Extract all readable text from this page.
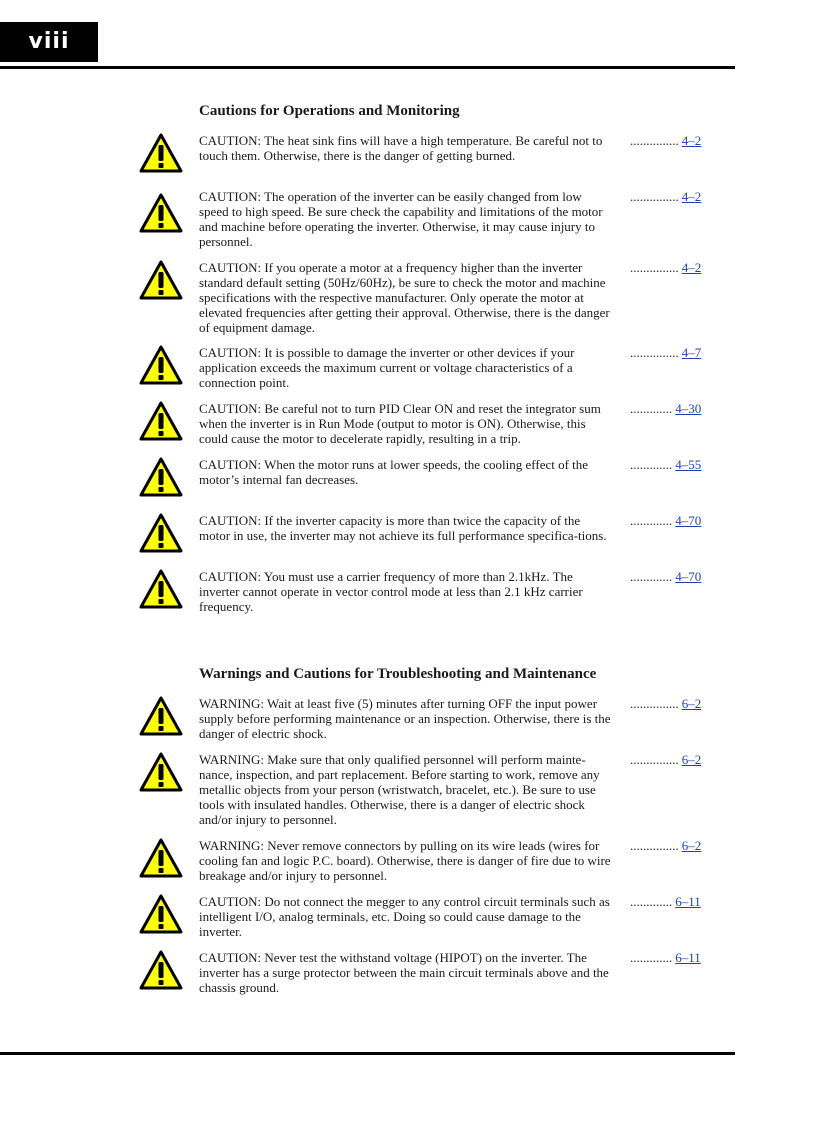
viii
Cautions for Operations and Monitoring

CAUTION: The heat sink fins will have a high temperature. Be careful not to touch them. Otherwise, there is the danger of getting burned.

............... 4–2

CAUTION: The operation of the inverter can be easily changed from low speed to high speed. Be sure check the capability and limitations of the motor and machine before operating the inverter. Otherwise, it may cause injury to personnel.

............... 4–2

CAUTION: If you operate a motor at a frequency higher than the inverter standard default setting (50Hz/60Hz), be sure to check the motor and machine specifications with the respective manufacturer. Only operate the motor at elevated frequencies after getting their approval. Otherwise, there is the danger of equipment damage.

............... 4–2

CAUTION: It is possible to damage the inverter or other devices if your application exceeds the maximum current or voltage characteristics of a connection point.

............... 4–7

CAUTION: Be careful not to turn PID Clear ON and reset the integrator sum when the inverter is in Run Mode (output to motor is ON). Otherwise, this could cause the motor to decelerate rapidly, resulting in a trip.

............. 4–30

CAUTION: When the motor runs at lower speeds, the cooling effect of the motor’s internal fan decreases.

............. 4–55

CAUTION: If the inverter capacity is more than twice the capacity of the motor in use, the inverter may not achieve its full performance specifica-tions.

............. 4–70

CAUTION: You must use a carrier frequency of more than 2.1kHz. The inverter cannot operate in vector control mode at less than 2.1 kHz carrier frequency.

............. 4–70
Warnings and Cautions for Troubleshooting and Maintenance

WARNING: Wait at least five (5) minutes after turning OFF the input power supply before performing maintenance or an inspection. Otherwise, there is the danger of electric shock.

............... 6–2

WARNING: Make sure that only qualified personnel will perform mainte-nance, inspection, and part replacement. Before starting to work, remove any metallic objects from your person (wristwatch, bracelet, etc.). Be sure to use tools with insulated handles. Otherwise, there is a danger of electric shock and/or injury to personnel.

............... 6–2

WARNING: Never remove connectors by pulling on its wire leads (wires for cooling fan and logic P.C. board). Otherwise, there is danger of fire due to wire breakage and/or injury to personnel.

............... 6–2

CAUTION: Do not connect the megger to any control circuit terminals such as intelligent I/O, analog terminals, etc. Doing so could cause damage to the inverter.

............. 6–11

CAUTION: Never test the withstand voltage (HIPOT) on the inverter. The inverter has a surge protector between the main circuit terminals above and the chassis ground.

............. 6–11
